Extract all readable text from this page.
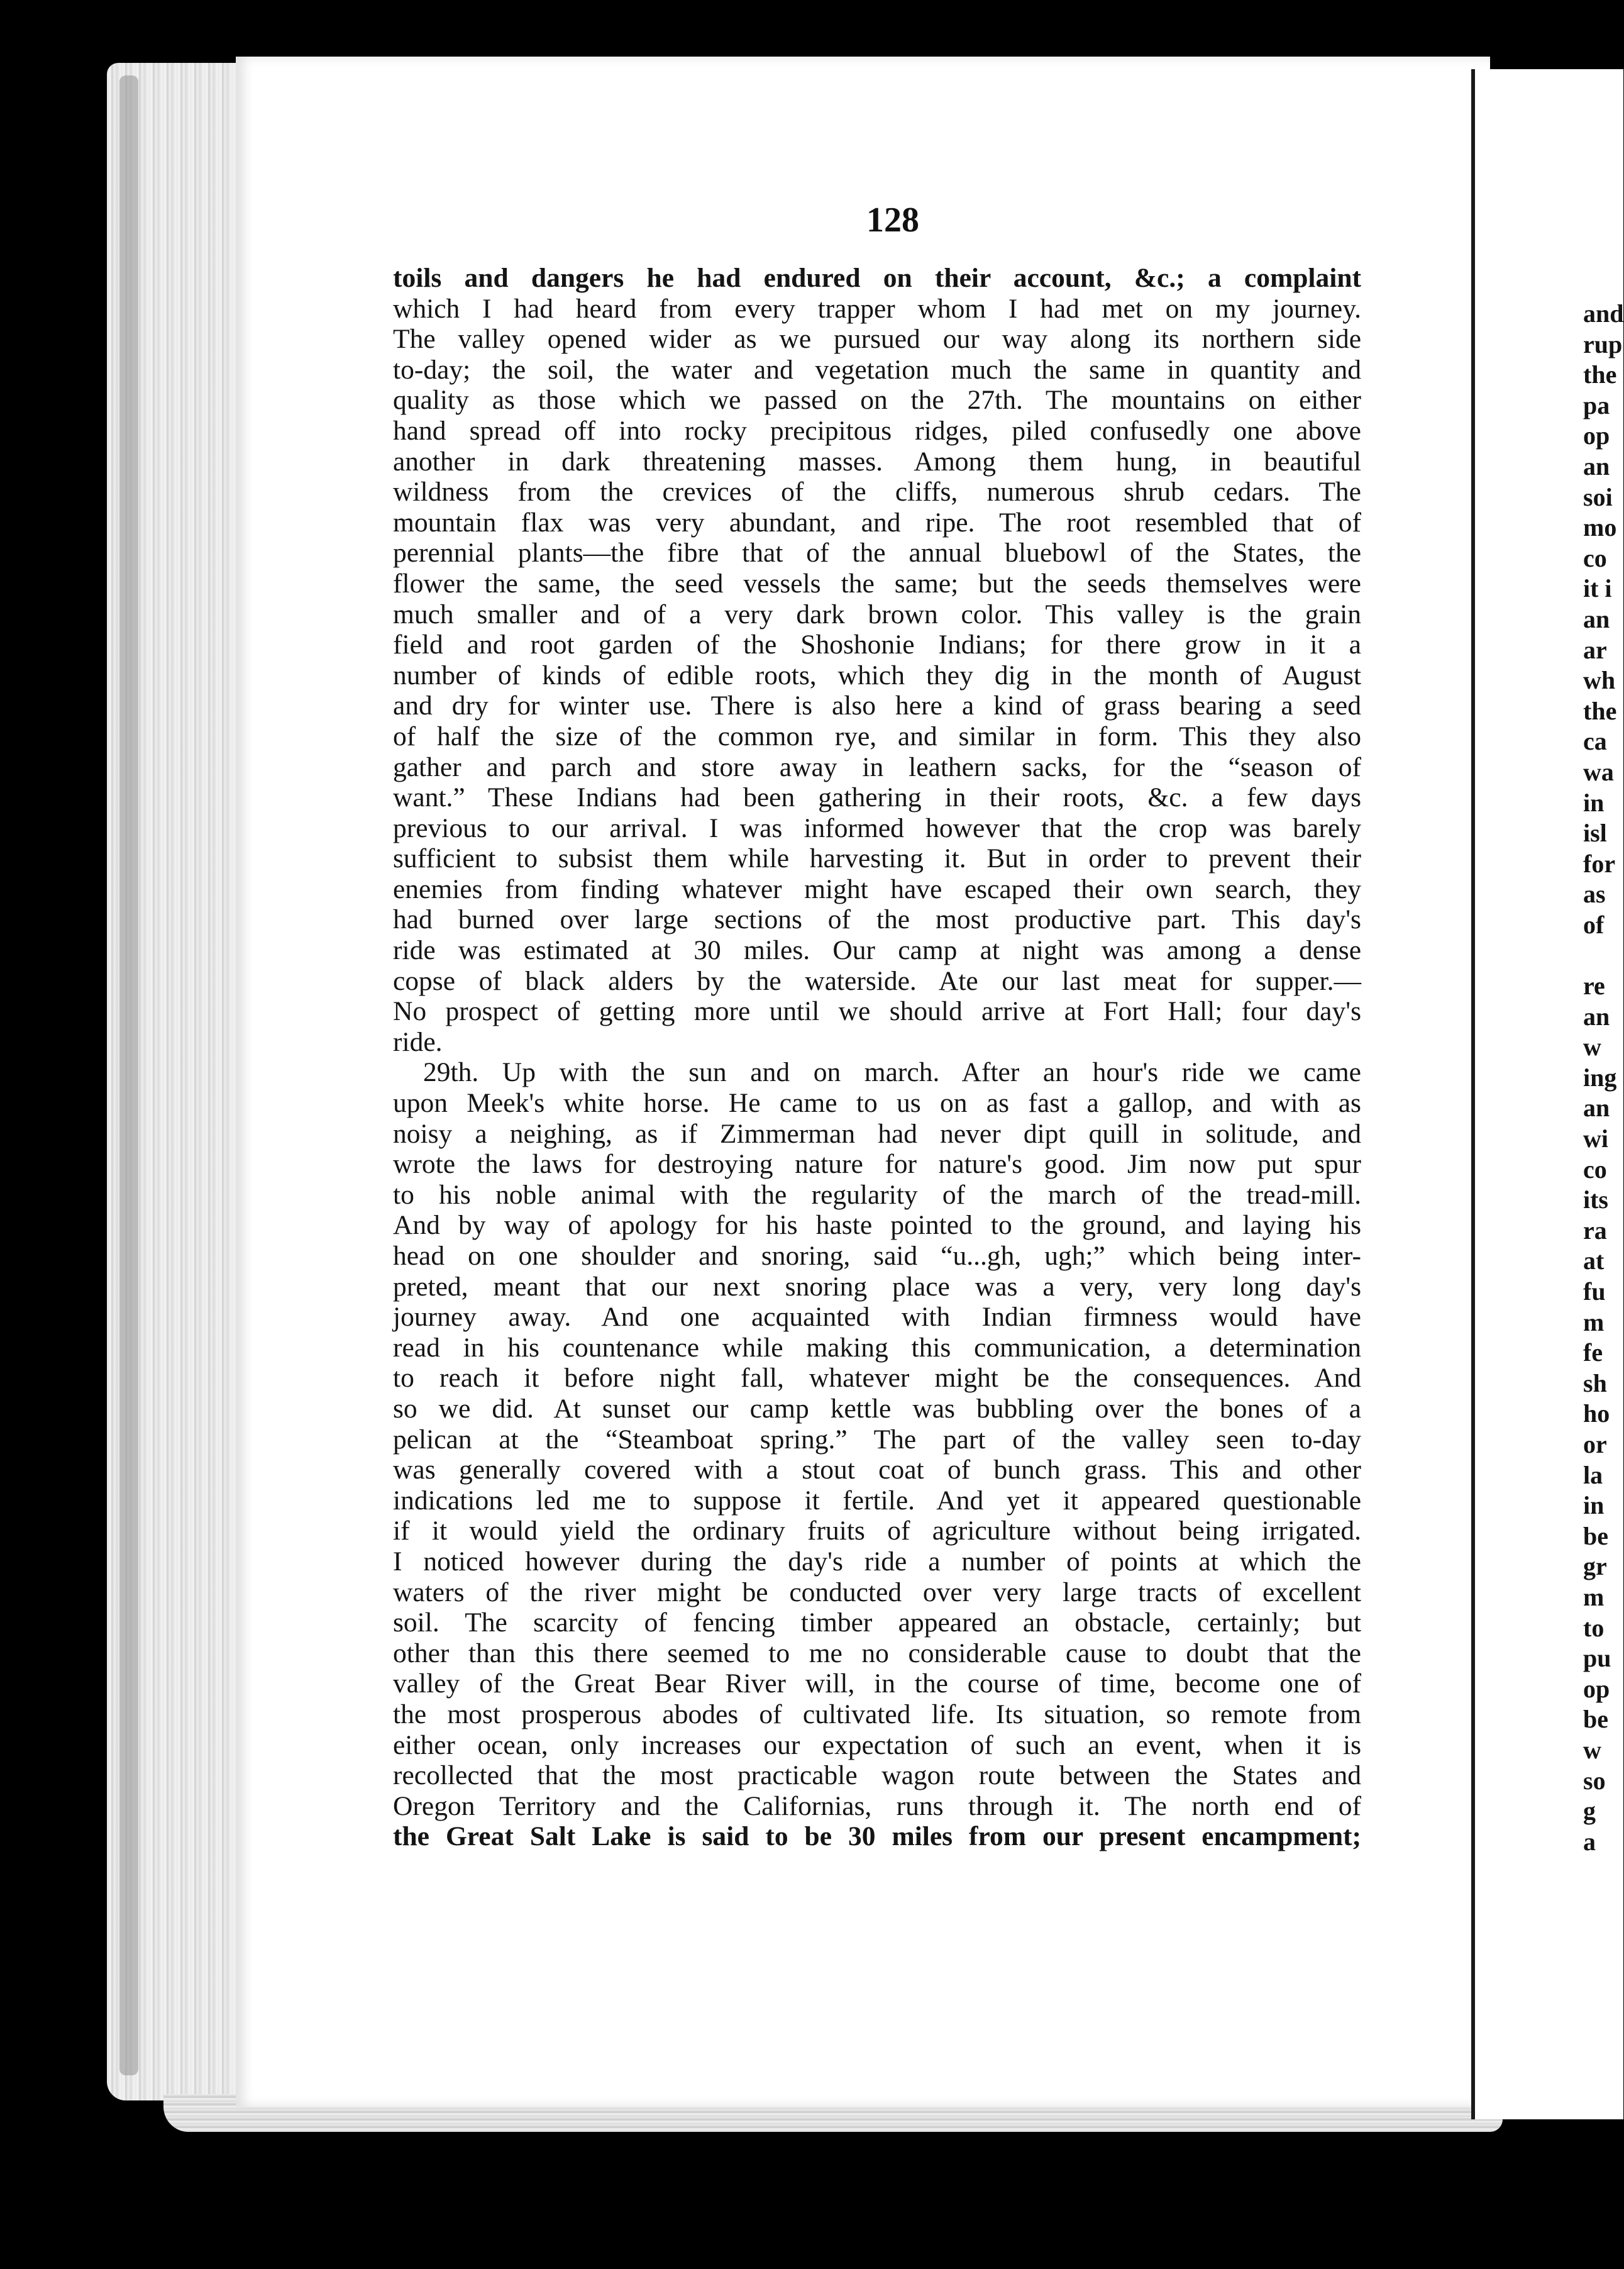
128
toils and dangers he had endured on their account, &c.; a complaint
which I had heard from every trapper whom I had met on my journey.
The valley opened wider as we pursued our way along its northern side
to-day; the soil, the water and vegetation much the same in quantity and
quality as those which we passed on the 27th. The mountains on either
hand spread off into rocky precipitous ridges, piled confusedly one above
another in dark threatening masses. Among them hung, in beautiful
wildness from the crevices of the cliffs, numerous shrub cedars. The
mountain flax was very abundant, and ripe. The root resembled that of
perennial plants—the fibre that of the annual bluebowl of the States, the
flower the same, the seed vessels the same; but the seeds themselves were
much smaller and of a very dark brown color. This valley is the grain
field and root garden of the Shoshonie Indians; for there grow in it a
number of kinds of edible roots, which they dig in the month of August
and dry for winter use. There is also here a kind of grass bearing a seed
of half the size of the common rye, and similar in form. This they also
gather and parch and store away in leathern sacks, for the “season of
want.” These Indians had been gathering in their roots, &c. a few days
previous to our arrival. I was informed however that the crop was barely
sufficient to subsist them while harvesting it. But in order to prevent their
enemies from finding whatever might have escaped their own search, they
had burned over large sections of the most productive part. This day's
ride was estimated at 30 miles. Our camp at night was among a dense
copse of black alders by the waterside. Ate our last meat for supper.—
No prospect of getting more until we should arrive at Fort Hall; four day's
ride.
29th. Up with the sun and on march. After an hour's ride we came
upon Meek's white horse. He came to us on as fast a gallop, and with as
noisy a neighing, as if Zimmerman had never dipt quill in solitude, and
wrote the laws for destroying nature for nature's good. Jim now put spur
to his noble animal with the regularity of the march of the tread-mill.
And by way of apology for his haste pointed to the ground, and laying his
head on one shoulder and snoring, said “u...gh, ugh;” which being inter-
preted, meant that our next snoring place was a very, very long day's
journey away. And one acquainted with Indian firmness would have
read in his countenance while making this communication, a determination
to reach it before night fall, whatever might be the consequences. And
so we did. At sunset our camp kettle was bubbling over the bones of a
pelican at the “Steamboat spring.” The part of the valley seen to-day
was generally covered with a stout coat of bunch grass. This and other
indications led me to suppose it fertile. And yet it appeared questionable
if it would yield the ordinary fruits of agriculture without being irrigated.
I noticed however during the day's ride a number of points at which the
waters of the river might be conducted over very large tracts of excellent
soil. The scarcity of fencing timber appeared an obstacle, certainly; but
other than this there seemed to me no considerable cause to doubt that the
valley of the Great Bear River will, in the course of time, become one of
the most prosperous abodes of cultivated life. Its situation, so remote from
either ocean, only increases our expectation of such an event, when it is
recollected that the most practicable wagon route between the States and
Oregon Territory and the Californias, runs through it. The north end of
the Great Salt Lake is said to be 30 miles from our present encampment;
and
rup
the
pa
op
an
soi
mo
co
it i
an
ar
wh
the
ca
wa
in
isl
for
as
of
re
an
w
ing
an
wi
co
its
ra
at
fu
m
fe
sh
ho
or
la
in
be
gr
m
to
pu
op
be
w
so
g
a
